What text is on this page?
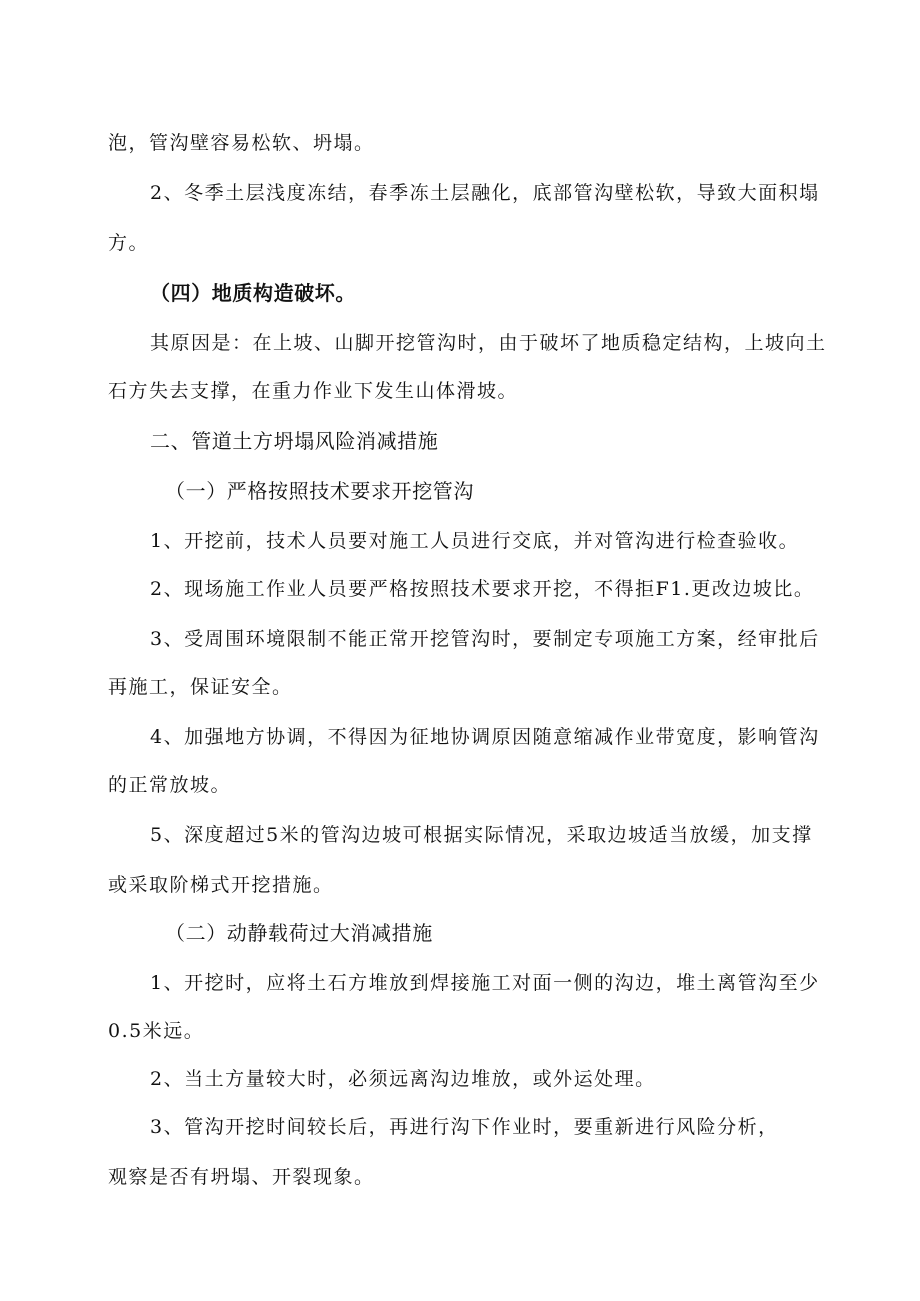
泡，管沟壁容易松软、坍塌。
2、冬季土层浅度冻结，春季冻土层融化，底部管沟壁松软，导致大面积塌
方。
（四）地质构造破坏。
其原因是：在上坡、山脚开挖管沟时，由于破坏了地质稳定结构，上坡向土
石方失去支撑，在重力作业下发生山体滑坡。
二、管道土方坍塌风险消减措施
（一）严格按照技术要求开挖管沟
1、开挖前，技术人员要对施工人员进行交底，并对管沟进行检查验收。
2、现场施工作业人员要严格按照技术要求开挖，不得拒F1.更改边坡比。
3、受周围环境限制不能正常开挖管沟时，要制定专项施工方案，经审批后
再施工，保证安全。
4、加强地方协调，不得因为征地协调原因随意缩减作业带宽度，影响管沟
的正常放坡。
5、深度超过5米的管沟边坡可根据实际情况，采取边坡适当放缓，加支撑
或采取阶梯式开挖措施。
（二）动静载荷过大消减措施
1、开挖时，应将土石方堆放到焊接施工对面一侧的沟边，堆土离管沟至少
0.5米远。
2、当土方量较大时，必须远离沟边堆放，或外运处理。
3、管沟开挖时间较长后，再进行沟下作业时，要重新进行风险分析，
观察是否有坍塌、开裂现象。
